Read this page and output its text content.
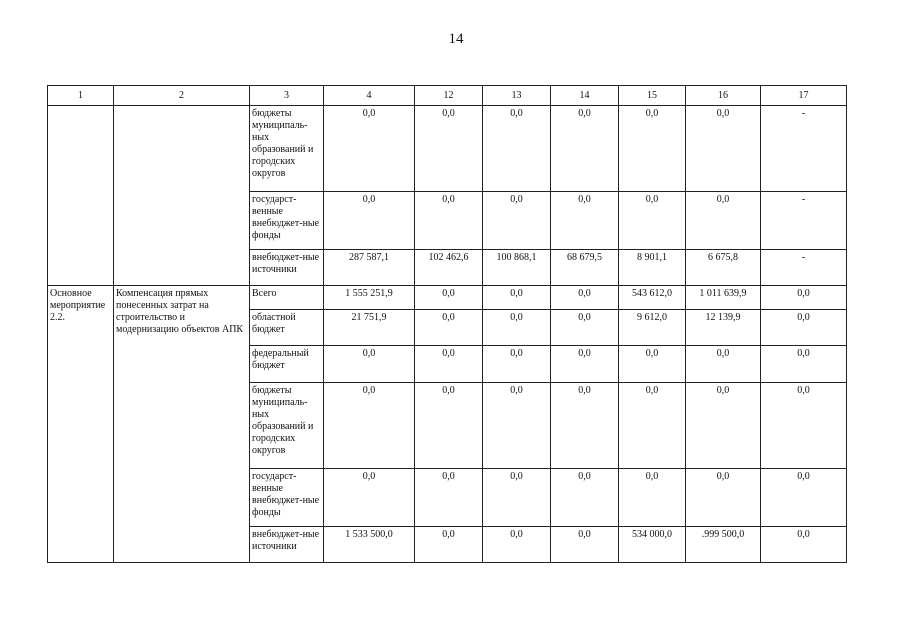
14
1	2	3	4	12	13	14	15	16	17
		бюджеты муниципаль-ных образований и городских округов	0,0	0,0	0,0	0,0	0,0	0,0	-
		государст-венные внебюджет-ные фонды	0,0	0,0	0,0	0,0	0,0	0,0	-
		внебюджет-ные источники	287 587,1	102 462,6	100 868,1	68 679,5	8 901,1	6 675,8	-
Основное мероприятие 2.2.	Компенсация прямых понесенных затрат на строительство и модернизацию объектов АПК	Всего	1 555 251,9	0,0	0,0	0,0	543 612,0	1 011 639,9	0,0
		областной бюджет	21 751,9	0,0	0,0	0,0	9 612,0	12 139,9	0,0
		федеральный бюджет	0,0	0,0	0,0	0,0	0,0	0,0	0,0
		бюджеты муниципаль-ных образований и городских округов	0,0	0,0	0,0	0,0	0,0	0,0	0,0
		государст-венные внебюджет-ные фонды	0,0	0,0	0,0	0,0	0,0	0,0	0,0
		внебюджет-ные источники	1 533 500,0	0,0	0,0	0,0	534 000,0	.999 500,0	0,0
